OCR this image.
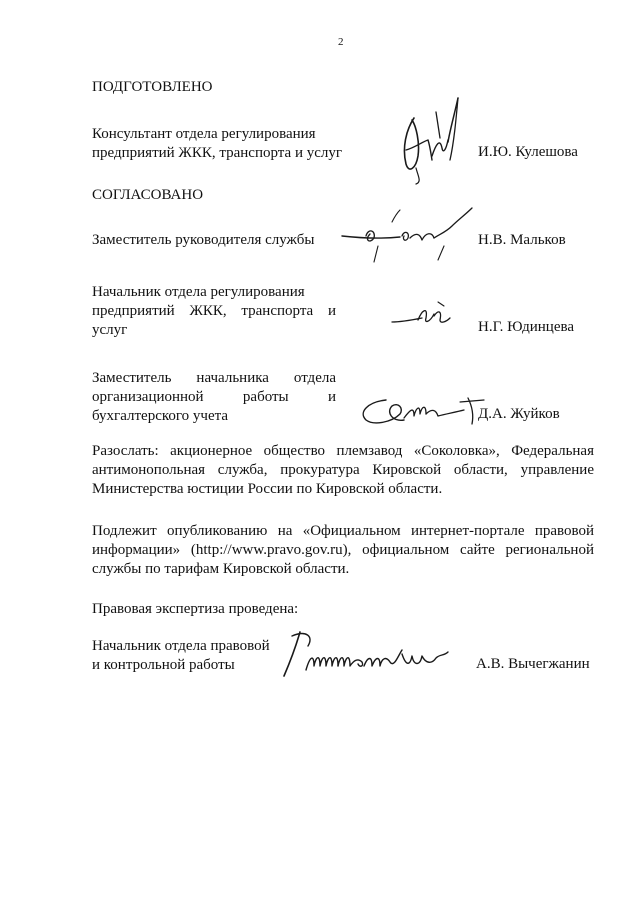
2
ПОДГОТОВЛЕНО
Консультант отдела регулирования
предприятий ЖКК, транспорта и услуг	И.Ю. Кулешова
СОГЛАСОВАНО
Заместитель руководителя службы	Н.В. Мальков
Начальник отдела регулирования
предприятий ЖКК, транспорта и
услуг	Н.Г. Юдинцева
Заместитель начальника отдела
организационной работы и
бухгалтерского учета	Д.А. Жуйков
Разослать: акционерное общество племзавод «Соколовка», Федеральная
антимонопольная служба, прокуратура Кировской области, управление
Министерства юстиции России по Кировской области.
Подлежит опубликованию на «Официальном интернет-портале правовой
информации» (http://www.pravo.gov.ru), официальном сайте региональной
службы по тарифам Кировской области.
Правовая экспертиза проведена:
Начальник отдела правовой
и контрольной работы	А.В. Вычегжанин
